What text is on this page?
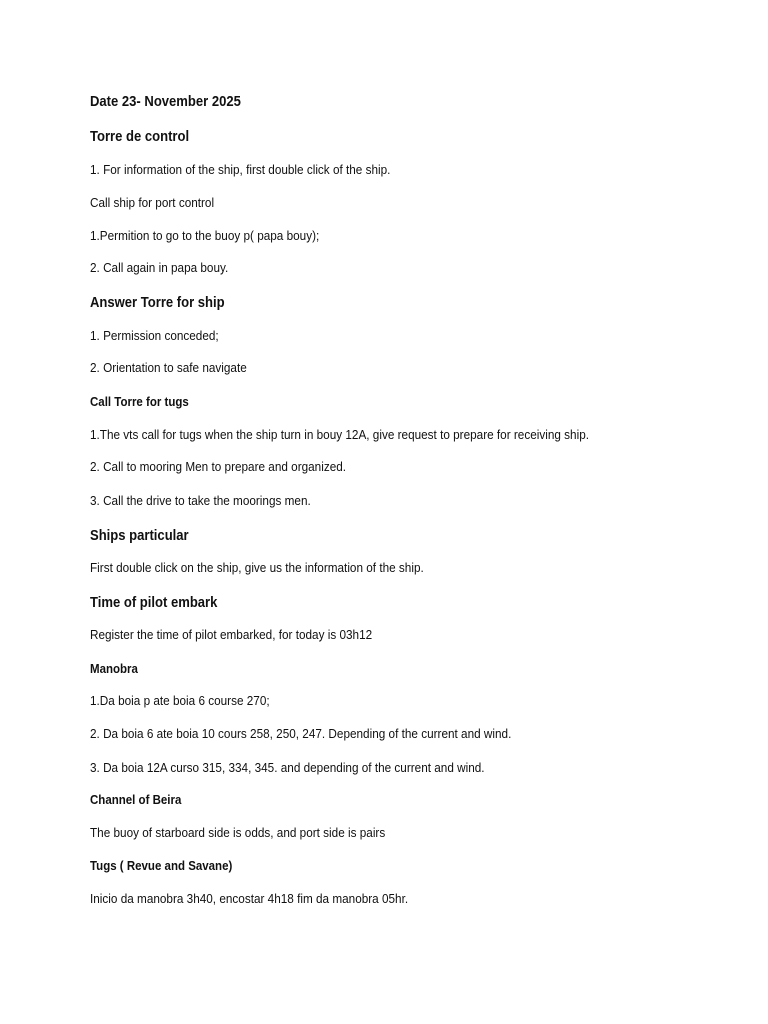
Date 23- November 2025
Torre de control
1. For information of the ship, first double click of the ship.
Call ship for port control
1.Permition to go to the buoy p( papa bouy);
2. Call again in papa bouy.
Answer Torre for ship
1. Permission conceded;
2. Orientation to safe navigate
Call Torre for tugs
1.The vts call for tugs when the ship turn in bouy 12A, give request to prepare for receiving ship.
2. Call to mooring Men to prepare and organized.
3. Call the drive to take the moorings men.
Ships particular
First double click on the ship, give us the information of the ship.
Time of pilot embark
Register the time of pilot embarked, for today is 03h12
Manobra
1.Da boia p ate boia 6 course 270;
2. Da boia 6 ate boia 10 cours 258, 250, 247. Depending of the current and wind.
3. Da boia 12A curso 315, 334, 345. and depending of the current and wind.
Channel of Beira
The buoy of starboard side is odds, and port side is pairs
Tugs ( Revue and Savane)
Inicio da manobra 3h40, encostar 4h18 fim da manobra 05hr.
